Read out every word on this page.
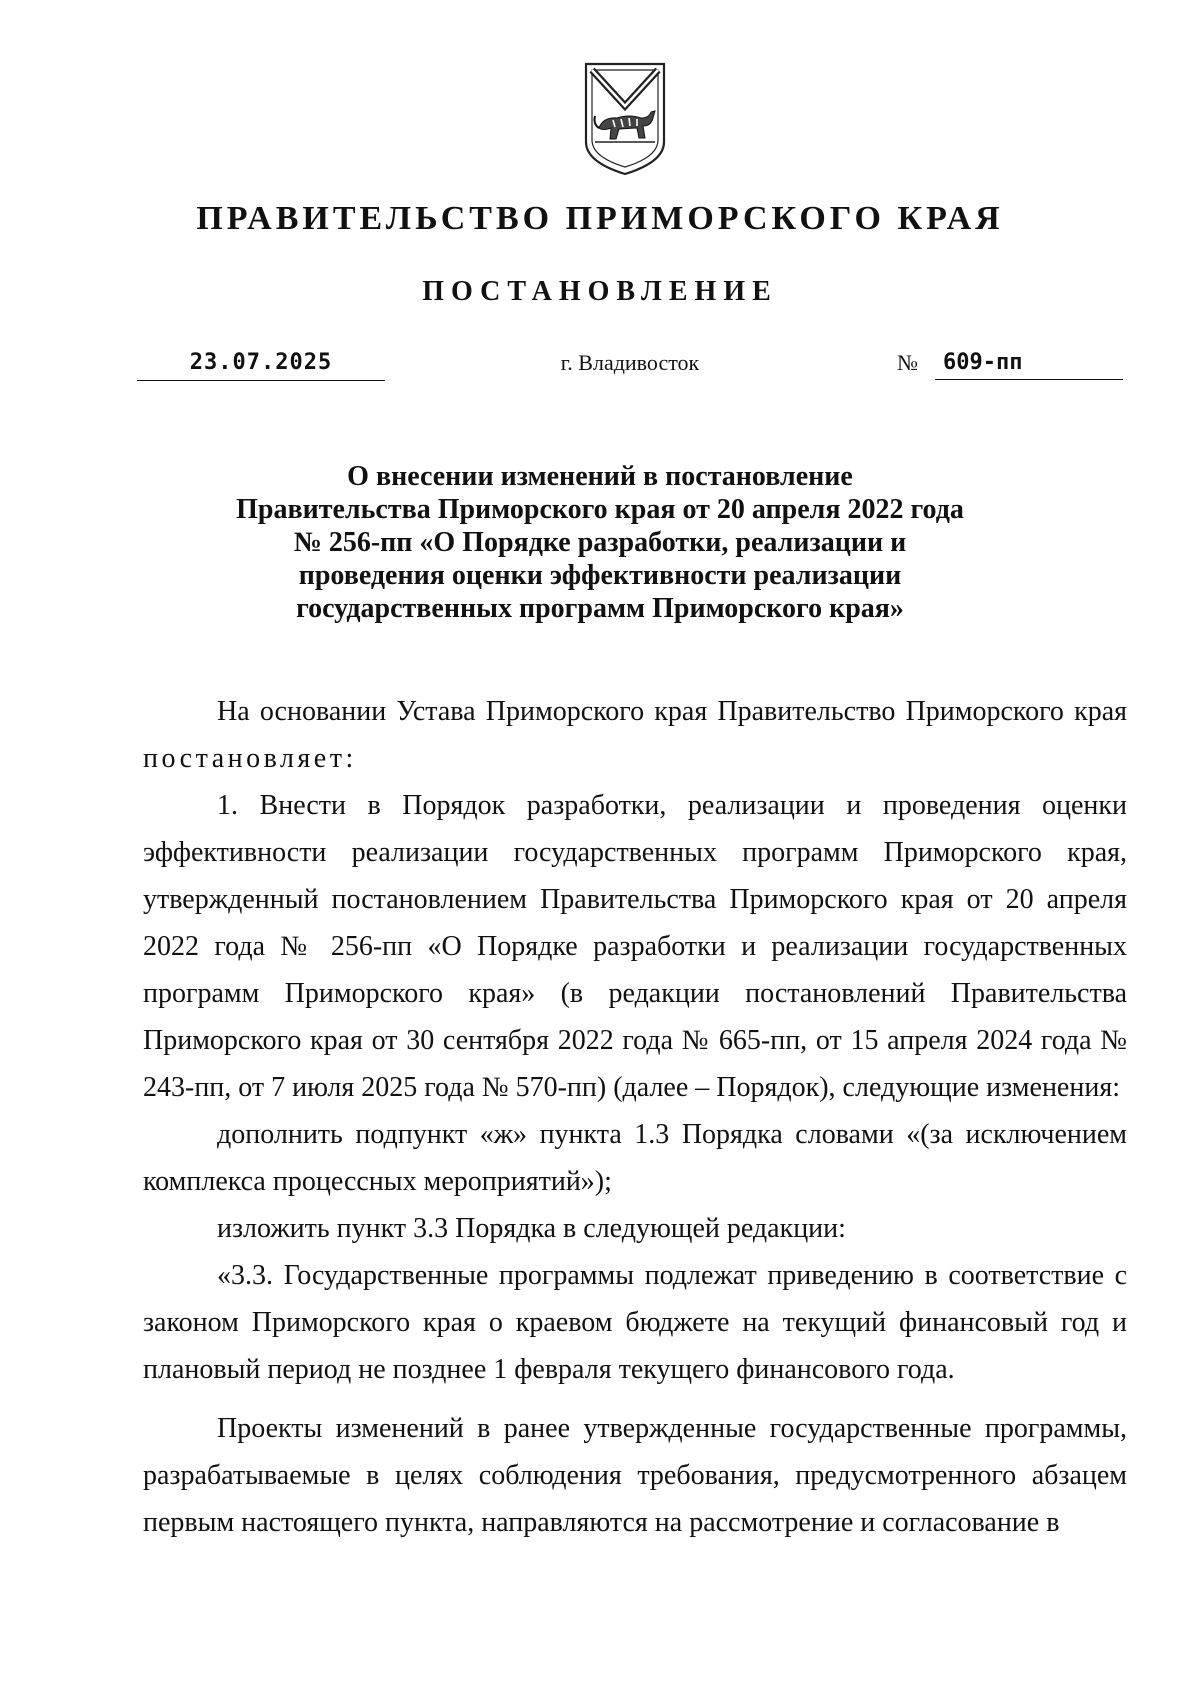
ПРАВИТЕЛЬСТВО ПРИМОРСКОГО КРАЯ
ПОСТАНОВЛЕНИЕ
23.07.2025	г. Владивосток	№	609-пп
О внесении изменений в постановление
Правительства Приморского края от 20 апреля 2022 года
№ 256-пп «О Порядке разработки, реализации и
проведения оценки эффективности реализации
государственных программ Приморского края»

На основании Устава Приморского края Правительство Приморского края постановляет:

1. Внести в Порядок разработки, реализации и проведения оценки эффективности реализации государственных программ Приморского края, утвержденный постановлением Правительства Приморского края от 20 апреля 2022 года № 256-пп «О Порядке разработки и реализации государственных программ Приморского края» (в редакции постановлений Правительства Приморского края от 30 сентября 2022 года № 665-пп, от 15 апреля 2024 года № 243-пп, от 7 июля 2025 года № 570-пп) (далее – Порядок), следующие изменения:

дополнить подпункт «ж» пункта 1.3 Порядка словами «(за исключением комплекса процессных мероприятий»);

изложить пункт 3.3 Порядка в следующей редакции:

«3.3. Государственные программы подлежат приведению в соответствие с законом Приморского края о краевом бюджете на текущий финансовый год и плановый период не позднее 1 февраля текущего финансового года.

Проекты изменений в ранее утвержденные государственные программы, разрабатываемые в целях соблюдения требования, предусмотренного абзацем первым настоящего пункта, направляются на рассмотрение и согласование в
